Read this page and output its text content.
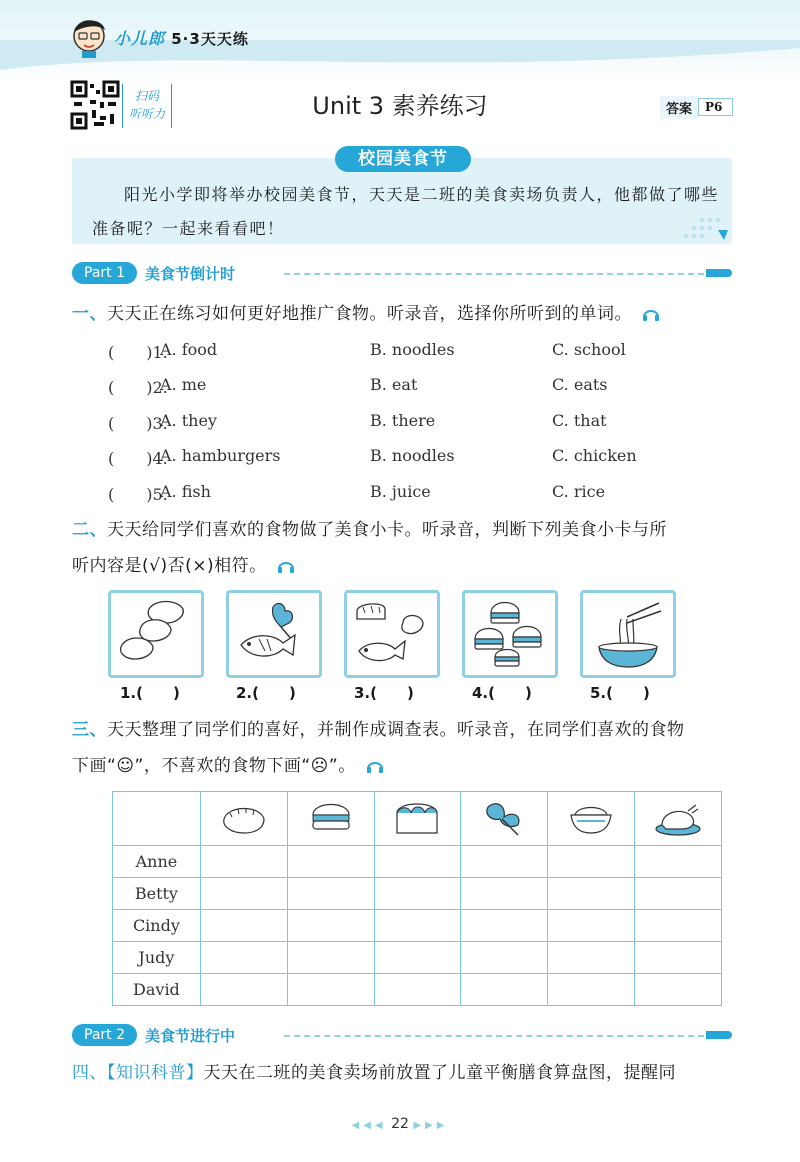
小儿郎 5·3天天练
扫码
听听力	Unit 3 素养练习	答案	P6
校园美食节
阳光小学即将举办校园美食节，天天是二班的美食卖场负责人，他都做了哪些准备呢？一起来看看吧！
Part 1	美食节倒计时
一、天天正在练习如何更好地推广食物。听录音，选择你所听到的单词。
(　　)1.
A. food	B. noodles	C. school
(　　)2.
A. me	B. eat	C. eats
(　　)3.
A. they	B. there	C. that
(　　)4.
A. hamburgers	B. noodles	C. chicken
(　　)5.
A. fish	B. juice	C. rice
二、天天给同学们喜欢的食物做了美食小卡。听录音，判断下列美食小卡与所
听内容是(√)否(×)相符。
1.(　　)	2.(　　)	3.(　　)	4.(　　)	5.(　　)
三、天天整理了同学们的喜好，并制作成调查表。听录音，在同学们喜欢的食物
下画“☺”，不喜欢的食物下画“☹”。

Anne						
Betty						
Cindy						
Judy						
David						
Part 2	美食节进行中
四、【知识科普】天天在二班的美食卖场前放置了儿童平衡膳食算盘图，提醒同
◀◀◀ 22 ▶▶▶
